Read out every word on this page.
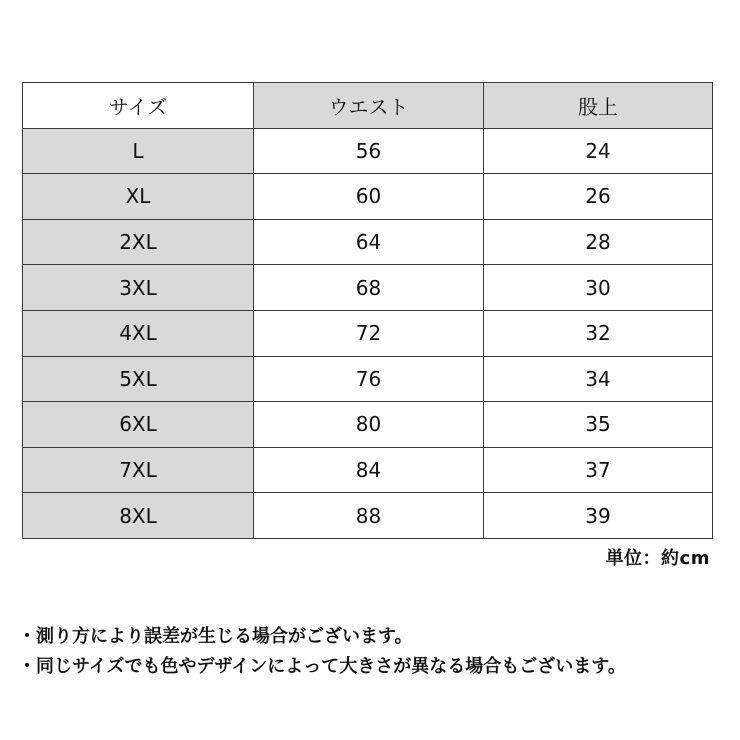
サイズ	ウエスト	股上
L	56	24
XL	60	26
2XL	64	28
3XL	68	30
4XL	72	32
5XL	76	34
6XL	80	35
7XL	84	37
8XL	88	39
単位：約cm
・測り方により誤差が生じる場合がございます。
・同じサイズでも色やデザインによって大きさが異なる場合もございます。
